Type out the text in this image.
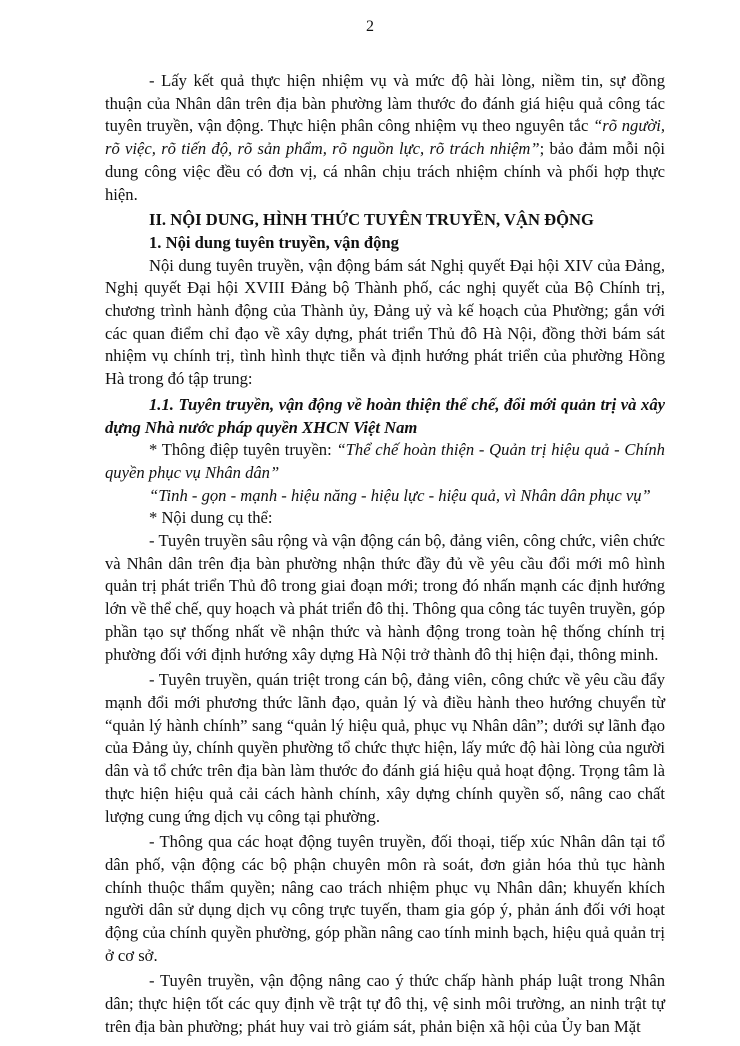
2

- Lấy kết quả thực hiện nhiệm vụ và mức độ hài lòng, niềm tin, sự đồng thuận của Nhân dân trên địa bàn phường làm thước đo đánh giá hiệu quả công tác tuyên truyền, vận động. Thực hiện phân công nhiệm vụ theo nguyên tắc “rõ người, rõ việc, rõ tiến độ, rõ sản phẩm, rõ nguồn lực, rõ trách nhiệm”; bảo đảm mỗi nội dung công việc đều có đơn vị, cá nhân chịu trách nhiệm chính và phối hợp thực hiện.

II. NỘI DUNG, HÌNH THỨC TUYÊN TRUYỀN, VẬN ĐỘNG

1. Nội dung tuyên truyền, vận động

Nội dung tuyên truyền, vận động bám sát Nghị quyết Đại hội XIV của Đảng, Nghị quyết Đại hội XVIII Đảng bộ Thành phố, các nghị quyết của Bộ Chính trị, chương trình hành động của Thành ủy, Đảng uỷ và kế hoạch của Phường; gắn với các quan điểm chỉ đạo về xây dựng, phát triển Thủ đô Hà Nội, đồng thời bám sát nhiệm vụ chính trị, tình hình thực tiễn và định hướng phát triển của phường Hồng Hà trong đó tập trung:

1.1. Tuyên truyền, vận động về hoàn thiện thể chế, đổi mới quản trị và xây dựng Nhà nước pháp quyền XHCN Việt Nam

* Thông điệp tuyên truyền: “Thể chế hoàn thiện - Quản trị hiệu quả - Chính quyền phục vụ Nhân dân”

“Tinh - gọn - mạnh - hiệu năng - hiệu lực - hiệu quả, vì Nhân dân phục vụ”

* Nội dung cụ thể:

- Tuyên truyền sâu rộng và vận động cán bộ, đảng viên, công chức, viên chức và Nhân dân trên địa bàn phường nhận thức đầy đủ về yêu cầu đổi mới mô hình quản trị phát triển Thủ đô trong giai đoạn mới; trong đó nhấn mạnh các định hướng lớn về thể chế, quy hoạch và phát triển đô thị. Thông qua công tác tuyên truyền, góp phần tạo sự thống nhất về nhận thức và hành động trong toàn hệ thống chính trị phường đối với định hướng xây dựng Hà Nội trở thành đô thị hiện đại, thông minh.

- Tuyên truyền, quán triệt trong cán bộ, đảng viên, công chức về yêu cầu đẩy mạnh đổi mới phương thức lãnh đạo, quản lý và điều hành theo hướng chuyển từ “quản lý hành chính” sang “quản lý hiệu quả, phục vụ Nhân dân”; dưới sự lãnh đạo của Đảng ủy, chính quyền phường tổ chức thực hiện, lấy mức độ hài lòng của người dân và tổ chức trên địa bàn làm thước đo đánh giá hiệu quả hoạt động. Trọng tâm là thực hiện hiệu quả cải cách hành chính, xây dựng chính quyền số, nâng cao chất lượng cung ứng dịch vụ công tại phường.

- Thông qua các hoạt động tuyên truyền, đối thoại, tiếp xúc Nhân dân tại tổ dân phố, vận động các bộ phận chuyên môn rà soát, đơn giản hóa thủ tục hành chính thuộc thẩm quyền; nâng cao trách nhiệm phục vụ Nhân dân; khuyến khích người dân sử dụng dịch vụ công trực tuyến, tham gia góp ý, phản ánh đối với hoạt động của chính quyền phường, góp phần nâng cao tính minh bạch, hiệu quả quản trị ở cơ sở.

- Tuyên truyền, vận động nâng cao ý thức chấp hành pháp luật trong Nhân dân; thực hiện tốt các quy định về trật tự đô thị, vệ sinh môi trường, an ninh trật tự trên địa bàn phường; phát huy vai trò giám sát, phản biện xã hội của Ủy ban Mặt
